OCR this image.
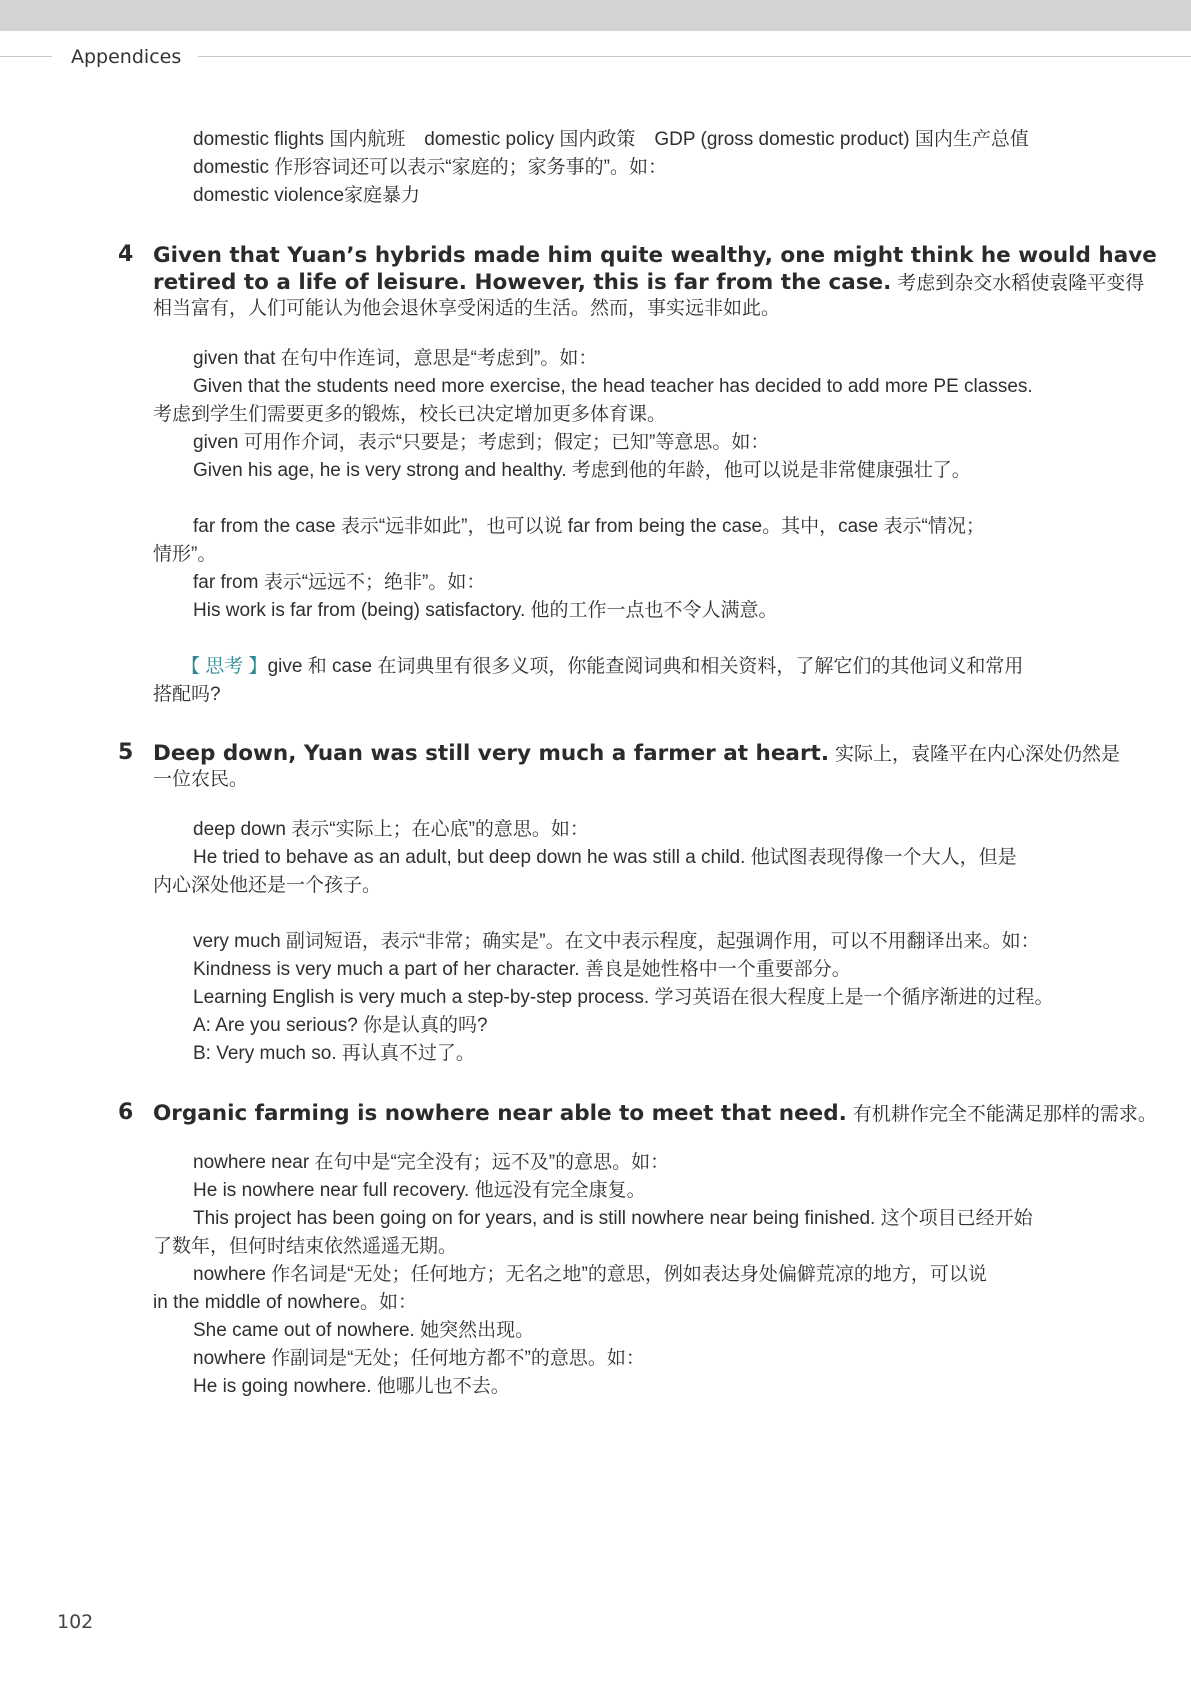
Appendices
domestic flights 国内航班　domestic policy 国内政策　GDP (gross domestic product) 国内生产总值
domestic 作形容词还可以表示“家庭的；家务事的”。如：
domestic violence家庭暴力
4 Given that Yuan’s hybrids made him quite wealthy, one might think he would have
retired to a life of leisure. However, this is far from the case. 考虑到杂交水稻使袁隆平变得
相当富有，人们可能认为他会退休享受闲适的生活。然而，事实远非如此。
given that 在句中作连词，意思是“考虑到”。如：
Given that the students need more exercise, the head teacher has decided to add more PE classes.
考虑到学生们需要更多的锻炼，校长已决定增加更多体育课。
given 可用作介词，表示“只要是；考虑到；假定；已知”等意思。如：
Given his age, he is very strong and healthy. 考虑到他的年龄，他可以说是非常健康强壮了。
far from the case 表示“远非如此”，也可以说 far from being the case。其中，case 表示“情况；
情形”。
far from 表示“远远不；绝非”。如：
His work is far from (being) satisfactory. 他的工作一点也不令人满意。
【 思考 】give 和 case 在词典里有很多义项，你能查阅词典和相关资料，了解它们的其他词义和常用
搭配吗?
5 Deep down, Yuan was still very much a farmer at heart. 实际上，袁隆平在内心深处仍然是
一位农民。
deep down 表示“实际上；在心底”的意思。如：
He tried to behave as an adult, but deep down he was still a child. 他试图表现得像一个大人，但是
内心深处他还是一个孩子。
very much 副词短语，表示“非常；确实是”。在文中表示程度，起强调作用，可以不用翻译出来。如：
Kindness is very much a part of her character. 善良是她性格中一个重要部分。
Learning English is very much a step-by-step process. 学习英语在很大程度上是一个循序渐进的过程。
A: Are you serious? 你是认真的吗?
B: Very much so. 再认真不过了。
6 Organic farming is nowhere near able to meet that need. 有机耕作完全不能满足那样的需求。
nowhere near 在句中是“完全没有；远不及”的意思。如：
He is nowhere near full recovery. 他远没有完全康复。
This project has been going on for years, and is still nowhere near being finished. 这个项目已经开始
了数年，但何时结束依然遥遥无期。
nowhere 作名词是“无处；任何地方；无名之地”的意思，例如表达身处偏僻荒凉的地方，可以说
in the middle of nowhere。如：
She came out of nowhere. 她突然出现。
nowhere 作副词是“无处；任何地方都不”的意思。如：
He is going nowhere. 他哪儿也不去。
102
